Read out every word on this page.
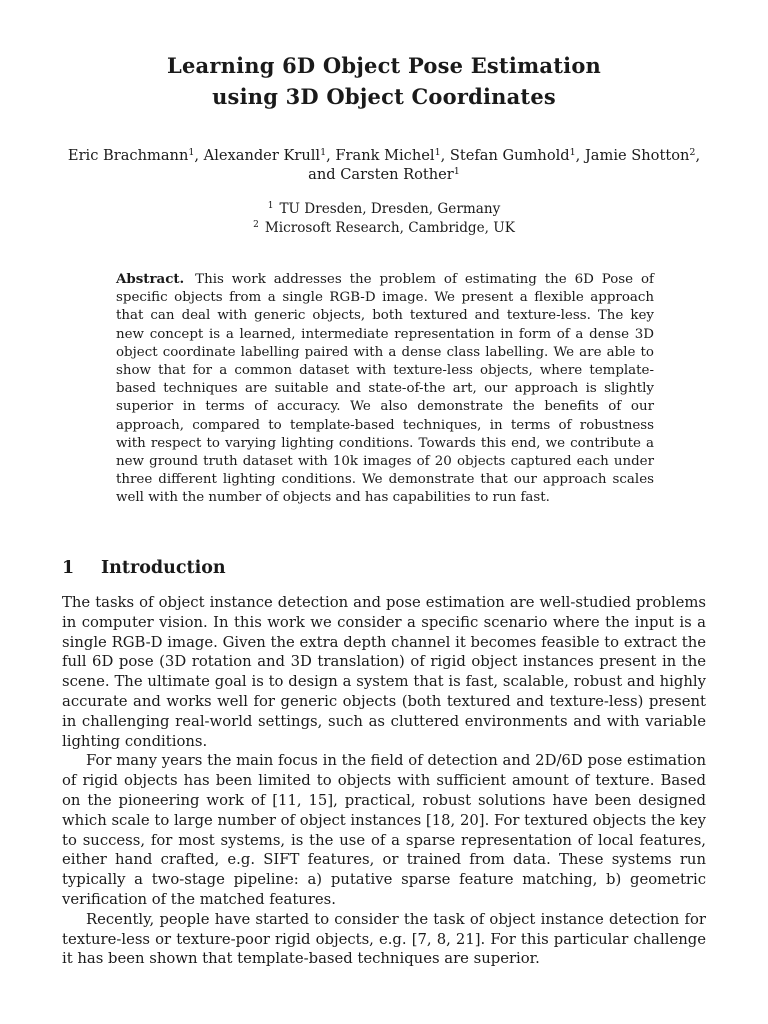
Learning 6D Object Pose Estimation
using 3D Object Coordinates
Eric Brachmann$^1$, Alexander Krull$^1$, Frank Michel$^1$, Stefan Gumhold$^1$, Jamie Shotton$^2$, and Carsten Rother$^1$
$^1$ TU Dresden, Dresden, Germany
$^2$ Microsoft Research, Cambridge, UK
Abstract. This work addresses the problem of estimating the 6D Pose of specific objects from a single RGB-D image. We present a flexible approach that can deal with generic objects, both textured and texture-less. The key new concept is a learned, intermediate representation in form of a dense 3D object coordinate labelling paired with a dense class labelling. We are able to show that for a common dataset with texture-less objects, where template-based techniques are suitable and state-of-the art, our approach is slightly superior in terms of accuracy. We also demonstrate the benefits of our approach, compared to template-based techniques, in terms of robustness with respect to varying lighting conditions. Towards this end, we contribute a new ground truth dataset with 10k images of 20 objects captured each under three different lighting conditions. We demonstrate that our approach scales well with the number of objects and has capabilities to run fast.
1 Introduction

The tasks of object instance detection and pose estimation are well-studied problems in computer vision. In this work we consider a specific scenario where the input is a single RGB-D image. Given the extra depth channel it becomes feasible to extract the full 6D pose (3D rotation and 3D translation) of rigid object instances present in the scene. The ultimate goal is to design a system that is fast, scalable, robust and highly accurate and works well for generic objects (both textured and texture-less) present in challenging real-world settings, such as cluttered environments and with variable lighting conditions.

For many years the main focus in the field of detection and 2D/6D pose estimation of rigid objects has been limited to objects with sufficient amount of texture. Based on the pioneering work of [11, 15], practical, robust solutions have been designed which scale to large number of object instances [18, 20]. For textured objects the key to success, for most systems, is the use of a sparse representation of local features, either hand crafted, e.g. SIFT features, or trained from data. These systems run typically a two-stage pipeline: a) putative sparse feature matching, b) geometric verification of the matched features.

Recently, people have started to consider the task of object instance detection for texture-less or texture-poor rigid objects, e.g. [7, 8, 21]. For this particular challenge it has been shown that template-based techniques are superior.
